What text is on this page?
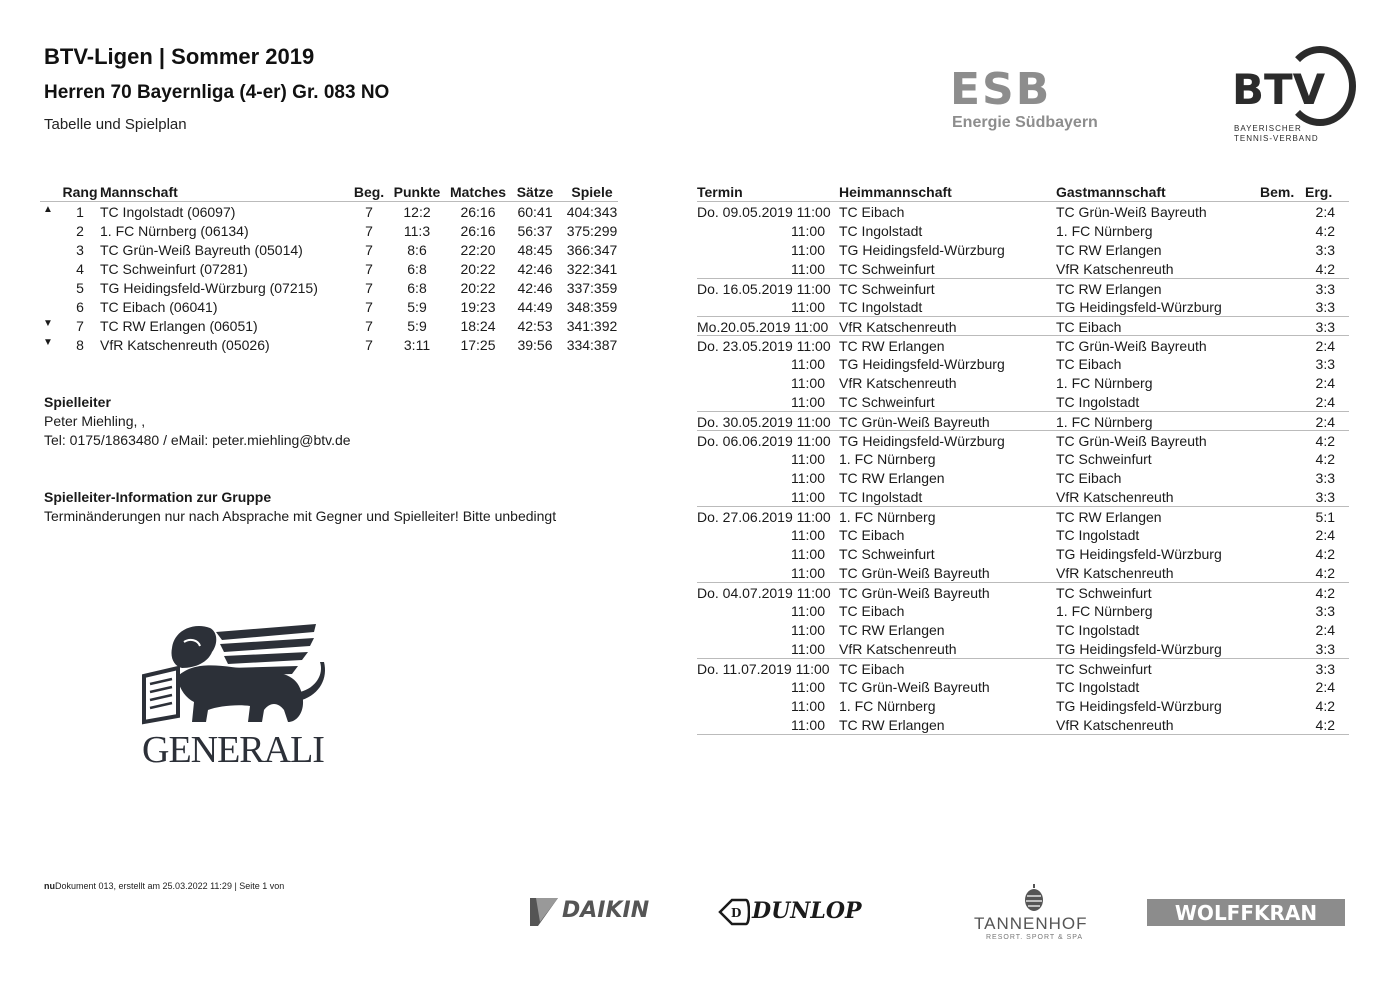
BTV-Ligen | Sommer 2019
Herren 70 Bayernliga (4-er) Gr. 083 NO
Tabelle und Spielplan
ESB
Energie Südbayern
BTV
BAYERISCHER
TENNIS-VERBAND
Rang Mannschaft	Beg. Punkte Matches Sätze	Spiele
▲	1	TC Ingolstadt (06097)	7	12:2	26:16	60:41	404:343
2	1. FC Nürnberg (06134)	7	11:3	26:16	56:37	375:299
3	TC Grün-Weiß Bayreuth (05014)	7	8:6	22:20	48:45	366:347
4	TC Schweinfurt (07281)	7	6:8	20:22	42:46	322:341
5	TG Heidingsfeld-Würzburg (07215)	7	6:8	20:22	42:46	337:359
6	TC Eibach (06041)	7	5:9	19:23	44:49	348:359
▼	7	TC RW Erlangen (06051)	7	5:9	18:24	42:53	341:392
▼	8	VfR Katschenreuth (05026)	7	3:11	17:25	39:56	334:387
Spielleiter
Peter Miehling, ,
Tel: 0175/1863480 / eMail: peter.miehling@btv.de
Spielleiter-Information zur Gruppe
Terminänderungen nur nach Absprache mit Gegner und Spielleiter! Bitte unbedingt
GENERALI
Termin	Heimmannschaft	Gastmannschaft	Bem. Erg.
Do. 09.05.2019 11:00 TC Eibach	TC Grün-Weiß Bayreuth	2:4
11:00 TC Ingolstadt	1. FC Nürnberg	4:2
11:00 TG Heidingsfeld-Würzburg	TC RW Erlangen	3:3
11:00 TC Schweinfurt	VfR Katschenreuth	4:2
Do. 16.05.2019 11:00 TC Schweinfurt	TC RW Erlangen	3:3
11:00 TC Ingolstadt	TG Heidingsfeld-Würzburg	3:3
Mo.20.05.2019 11:00 VfR Katschenreuth	TC Eibach	3:3
Do. 23.05.2019 11:00 TC RW Erlangen	TC Grün-Weiß Bayreuth	2:4
11:00 TG Heidingsfeld-Würzburg	TC Eibach	3:3
11:00 VfR Katschenreuth	1. FC Nürnberg	2:4
11:00 TC Schweinfurt	TC Ingolstadt	2:4
Do. 30.05.2019 11:00 TC Grün-Weiß Bayreuth	1. FC Nürnberg	2:4
Do. 06.06.2019 11:00 TG Heidingsfeld-Würzburg	TC Grün-Weiß Bayreuth	4:2
11:00 1. FC Nürnberg	TC Schweinfurt	4:2
11:00 TC RW Erlangen	TC Eibach	3:3
11:00 TC Ingolstadt	VfR Katschenreuth	3:3
Do. 27.06.2019 11:00 1. FC Nürnberg	TC RW Erlangen	5:1
11:00 TC Eibach	TC Ingolstadt	2:4
11:00 TC Schweinfurt	TG Heidingsfeld-Würzburg	4:2
11:00 TC Grün-Weiß Bayreuth	VfR Katschenreuth	4:2
Do. 04.07.2019 11:00 TC Grün-Weiß Bayreuth	TC Schweinfurt	4:2
11:00 TC Eibach	1. FC Nürnberg	3:3
11:00 TC RW Erlangen	TC Ingolstadt	2:4
11:00 VfR Katschenreuth	TG Heidingsfeld-Würzburg	3:3
Do. 11.07.2019 11:00 TC Eibach	TC Schweinfurt	3:3
11:00 TC Grün-Weiß Bayreuth	TC Ingolstadt	2:4
11:00 1. FC Nürnberg	TG Heidingsfeld-Würzburg	4:2
11:00 TC RW Erlangen	VfR Katschenreuth	4:2
nuDokument 013, erstellt am 25.03.2022 11:29 | Seite 1 von
DAIKIN	D DUNLOP	TANNENHOF
RESORT. SPORT & SPA
WOLFFKRAN
